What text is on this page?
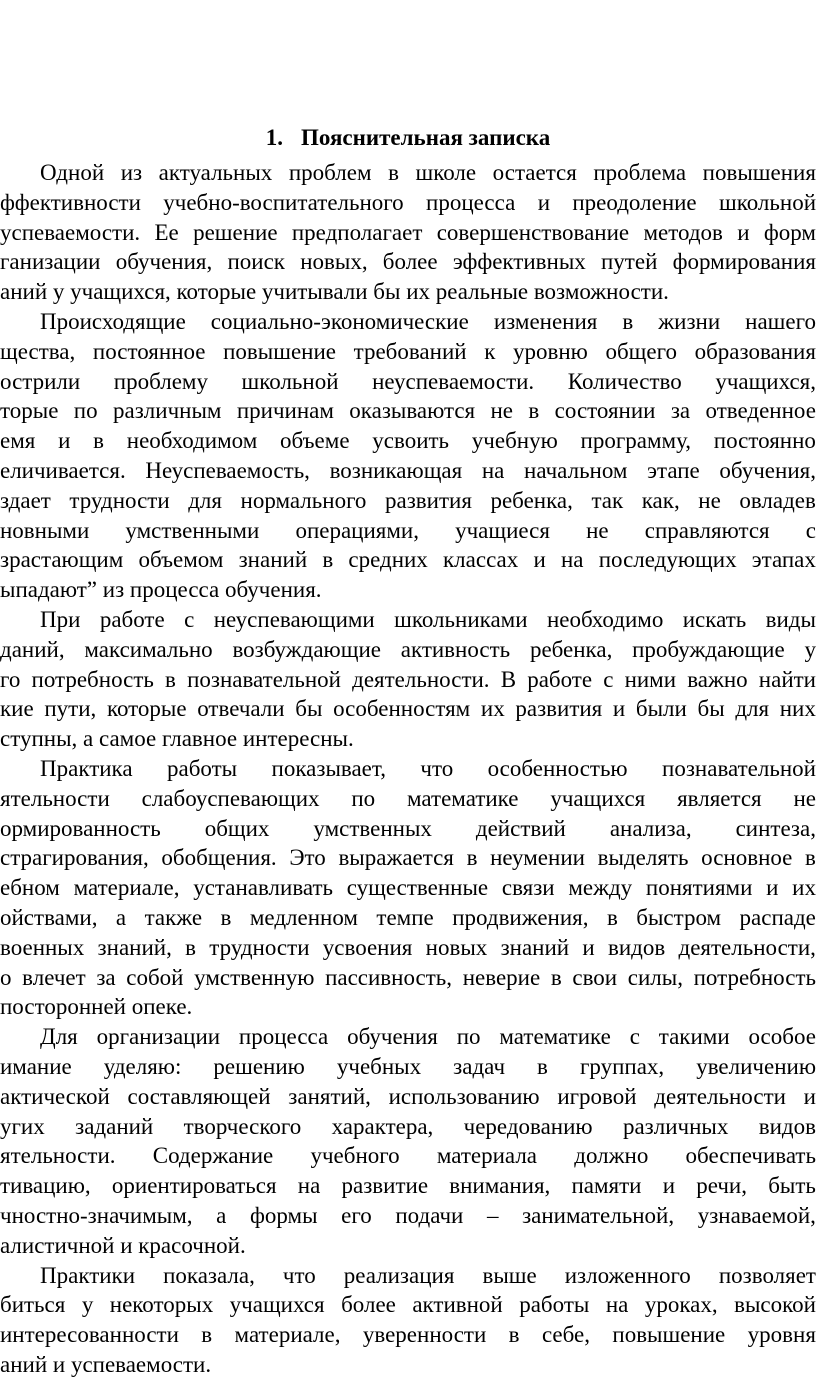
1. Пояснительная записка
Одной из актуальных проблем в школе остается проблема повышения
ффективности учебно-воспитательного процесса и преодоление школьной
успеваемости. Ее решение предполагает совершенствование методов и форм
ганизации обучения, поиск новых, более эффективных путей формирования
аний у учащихся, которые учитывали бы их реальные возможности.
Происходящие социально-экономические изменения в жизни нашего
щества, постоянное повышение требований к уровню общего образования
острили проблему школьной неуспеваемости. Количество учащихся,
торые по различным причинам оказываются не в состоянии за отведенное
емя и в необходимом объеме усвоить учебную программу, постоянно
еличивается. Неуспеваемость, возникающая на начальном этапе обучения,
здает трудности для нормального развития ребенка, так как, не овладев
новными умственными операциями, учащиеся не справляются с
зрастающим объемом знаний в средних классах и на последующих этапах
ыпадают” из процесса обучения.
При работе с неуспевающими школьниками необходимо искать виды
даний, максимально возбуждающие активность ребенка, пробуждающие у
го потребность в познавательной деятельности. В работе с ними важно найти
кие пути, которые отвечали бы особенностям их развития и были бы для них
ступны, а самое главное интересны.
Практика работы показывает, что особенностью познавательной
ятельности слабоуспевающих по математике учащихся является не
ормированность общих умственных действий анализа, синтеза,
страгирования, обобщения. Это выражается в неумении выделять основное в
ебном материале, устанавливать существенные связи между понятиями и их
ойствами, а также в медленном темпе продвижения, в быстром распаде
военных знаний, в трудности усвоения новых знаний и видов деятельности,
о влечет за собой умственную пассивность, неверие в свои силы, потребность
посторонней опеке.
Для организации процесса обучения по математике с такими особое
имание уделяю: решению учебных задач в группах, увеличению
актической составляющей занятий, использованию игровой деятельности и
угих заданий творческого характера, чередованию различных видов
ятельности. Содержание учебного материала должно обеспечивать
тивацию, ориентироваться на развитие внимания, памяти и речи, быть
чностно-значимым, а формы его подачи – занимательной, узнаваемой,
алистичной и красочной.
Практики показала, что реализация выше изложенного позволяет
биться у некоторых учащихся более активной работы на уроках, высокой
интересованности в материале, уверенности в себе, повышение уровня
аний и успеваемости.
